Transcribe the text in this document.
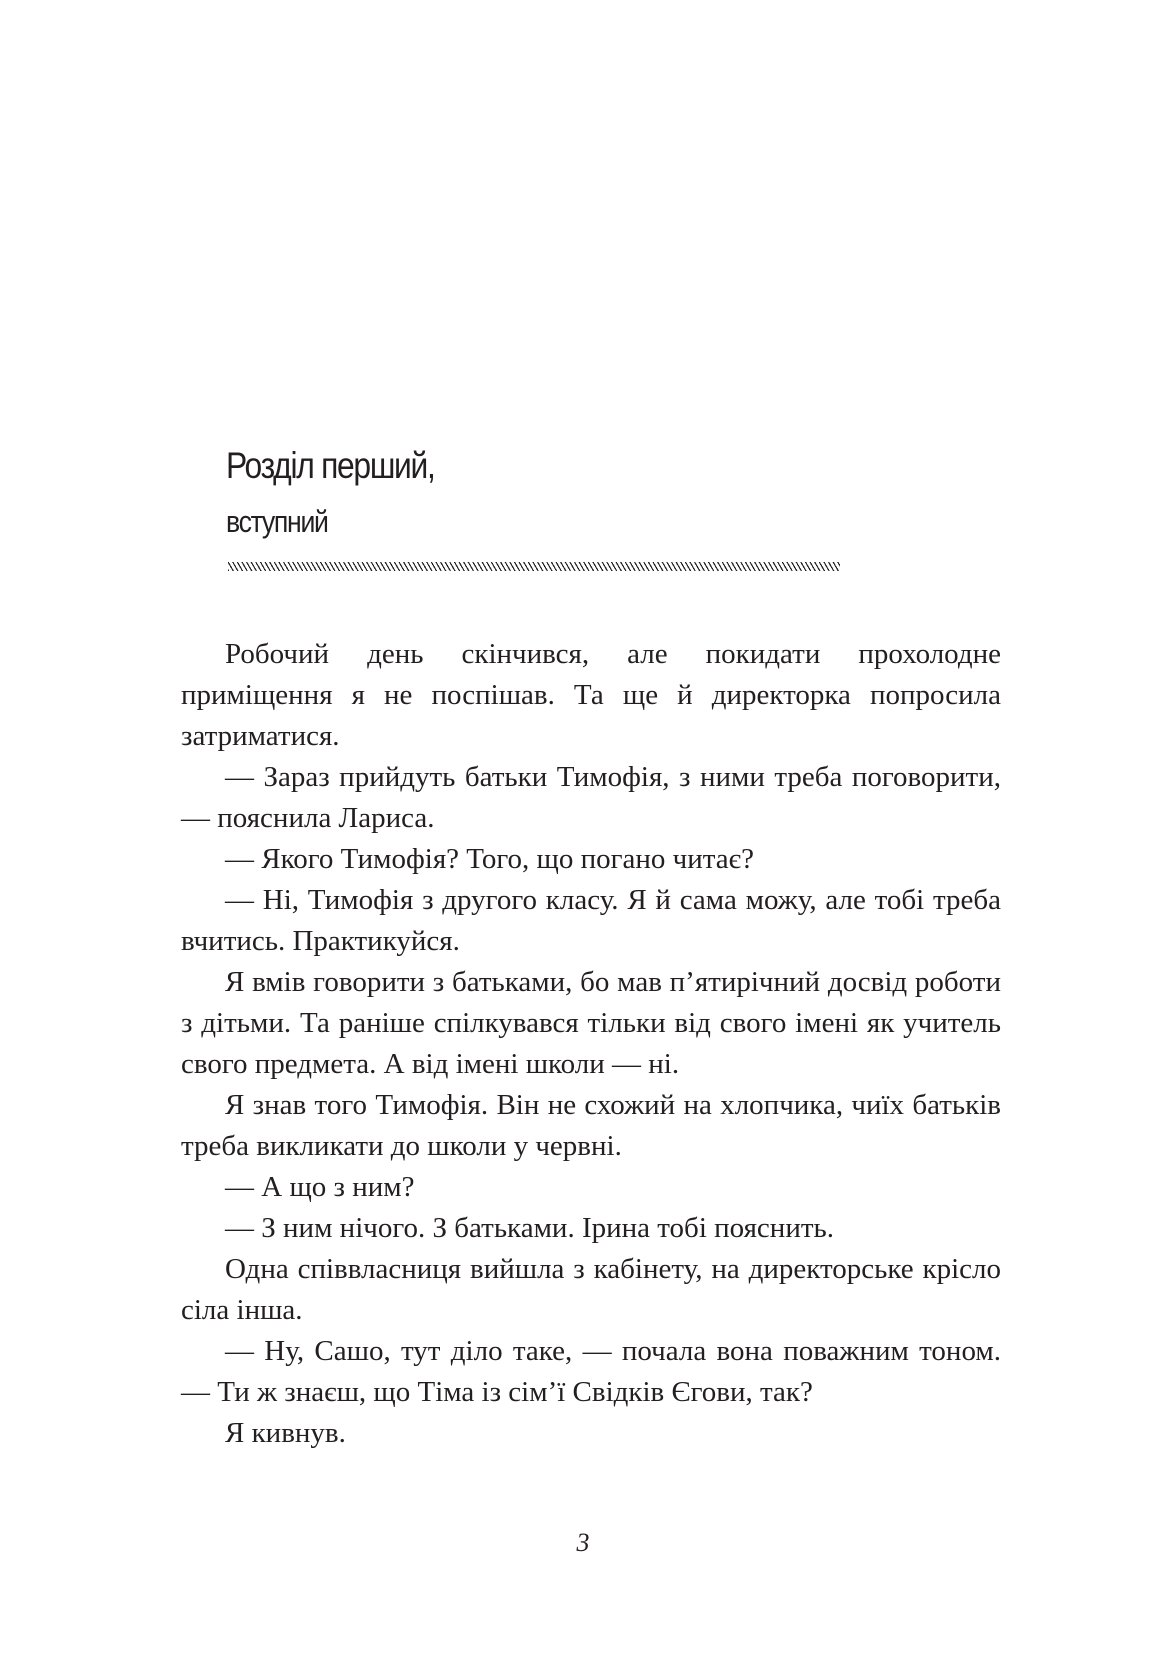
Розділ перший,
вступний
Робочий день скінчився, але покидати прохолодне приміщення я не поспішав. Та ще й директорка попросила затриматися.
— Зараз прийдуть батьки Тимофія, з ними треба поговорити, — пояснила Лариса.
— Якого Тимофія? Того, що погано читає?
— Ні, Тимофія з другого класу. Я й сама можу, але тобі треба вчитись. Практикуйся.
Я вмів говорити з батьками, бо мав п’ятирічний досвід роботи з дітьми. Та раніше спілкувався тільки від свого імені як учитель свого предмета. А від імені школи — ні.
Я знав того Тимофія. Він не схожий на хлопчика, чиїх батьків треба викликати до школи у червні.
— А що з ним?
— З ним нічого. З батьками. Ірина тобі пояснить.
Одна співвласниця вийшла з кабінету, на директорське крісло сіла інша.
— Ну, Сашо, тут діло таке, — почала вона поважним тоном. — Ти ж знаєш, що Тіма із сім’ї Свідків Єгови, так?
Я кивнув.
3
